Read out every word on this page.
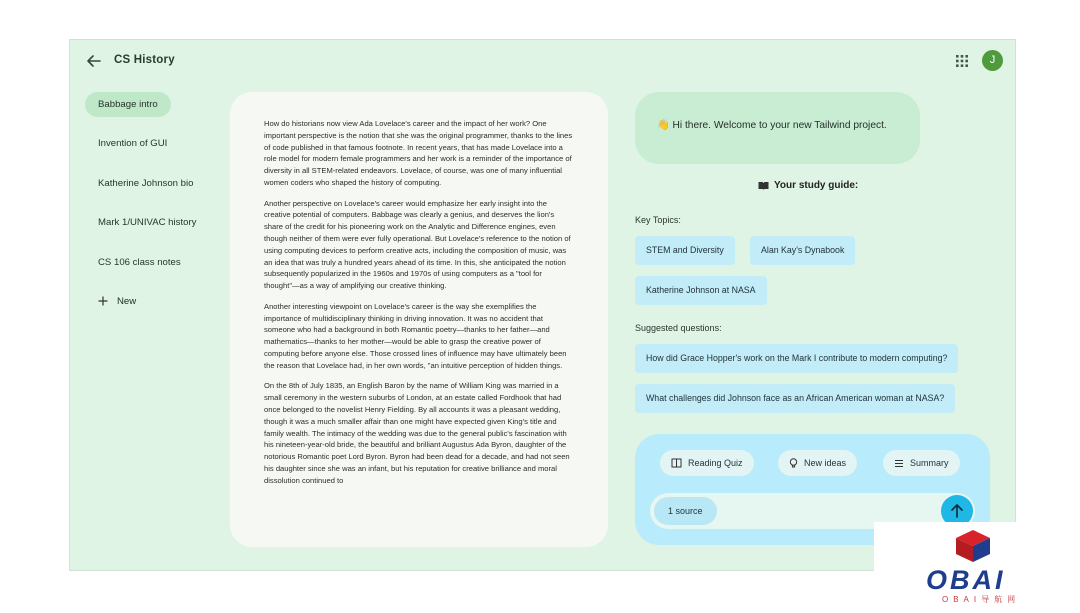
CS History	J
Babbage intro
Invention of GUI
Katherine Johnson bio
Mark 1/UNIVAC history
CS 106 class notes
New

How do historians now view Ada Lovelace's career and the impact of her work? One important perspective is the notion that she was the original programmer, thanks to the lines of code published in that famous footnote. In recent years, that has made Lovelace into a role model for modern female programmers and her work is a reminder of the importance of diversity in all STEM-related endeavors. Lovelace, of course, was one of many influential women coders who shaped the history of computing.

Another perspective on Lovelace's career would emphasize her early insight into the creative potential of computers. Babbage was clearly a genius, and deserves the lion's share of the credit for his pioneering work on the Analytic and Difference engines, even though neither of them were ever fully operational. But Lovelace's reference to the notion of using computing devices to perform creative acts, including the composition of music, was an idea that was truly a hundred years ahead of its time. In this, she anticipated the notion subsequently popularized in the 1960s and 1970s of using computers as a "tool for thought"—as a way of amplifying our creative thinking.

Another interesting viewpoint on Lovelace's career is the way she exemplifies the importance of multidisciplinary thinking in driving innovation. It was no accident that someone who had a background in both Romantic poetry—thanks to her father—and mathematics—thanks to her mother—would be able to grasp the creative power of computing before anyone else. Those crossed lines of influence may have ultimately been the reason that Lovelace had, in her own words, "an intuitive perception of hidden things.

On the 8th of July 1835, an English Baron by the name of William King was married in a small ceremony in the western suburbs of London, at an estate called Fordhook that had once belonged to the novelist Henry Fielding. By all accounts it was a pleasant wedding, though it was a much smaller affair than one might have expected given King's title and family wealth. The intimacy of the wedding was due to the general public's fascination with his nineteen-year-old bride, the beautiful and brilliant Augustus Ada Byron, daughter of the notorious Romantic poet Lord Byron. Byron had been dead for a decade, and had not seen his daughter since she was an infant, but his reputation for creative brilliance and moral dissolution continued to

👋 Hi there. Welcome to your new Tailwind project.
Your study guide:
Key Topics:
STEM and Diversity	Alan Kay's Dynabook
Katherine Johnson at NASA
Suggested questions:
How did Grace Hopper's work on the Mark I contribute to modern computing?
What challenges did Johnson face as an African American woman at NASA?
Reading Quiz	New ideas	Summary
1 source
OBAI
OBAI导航网
